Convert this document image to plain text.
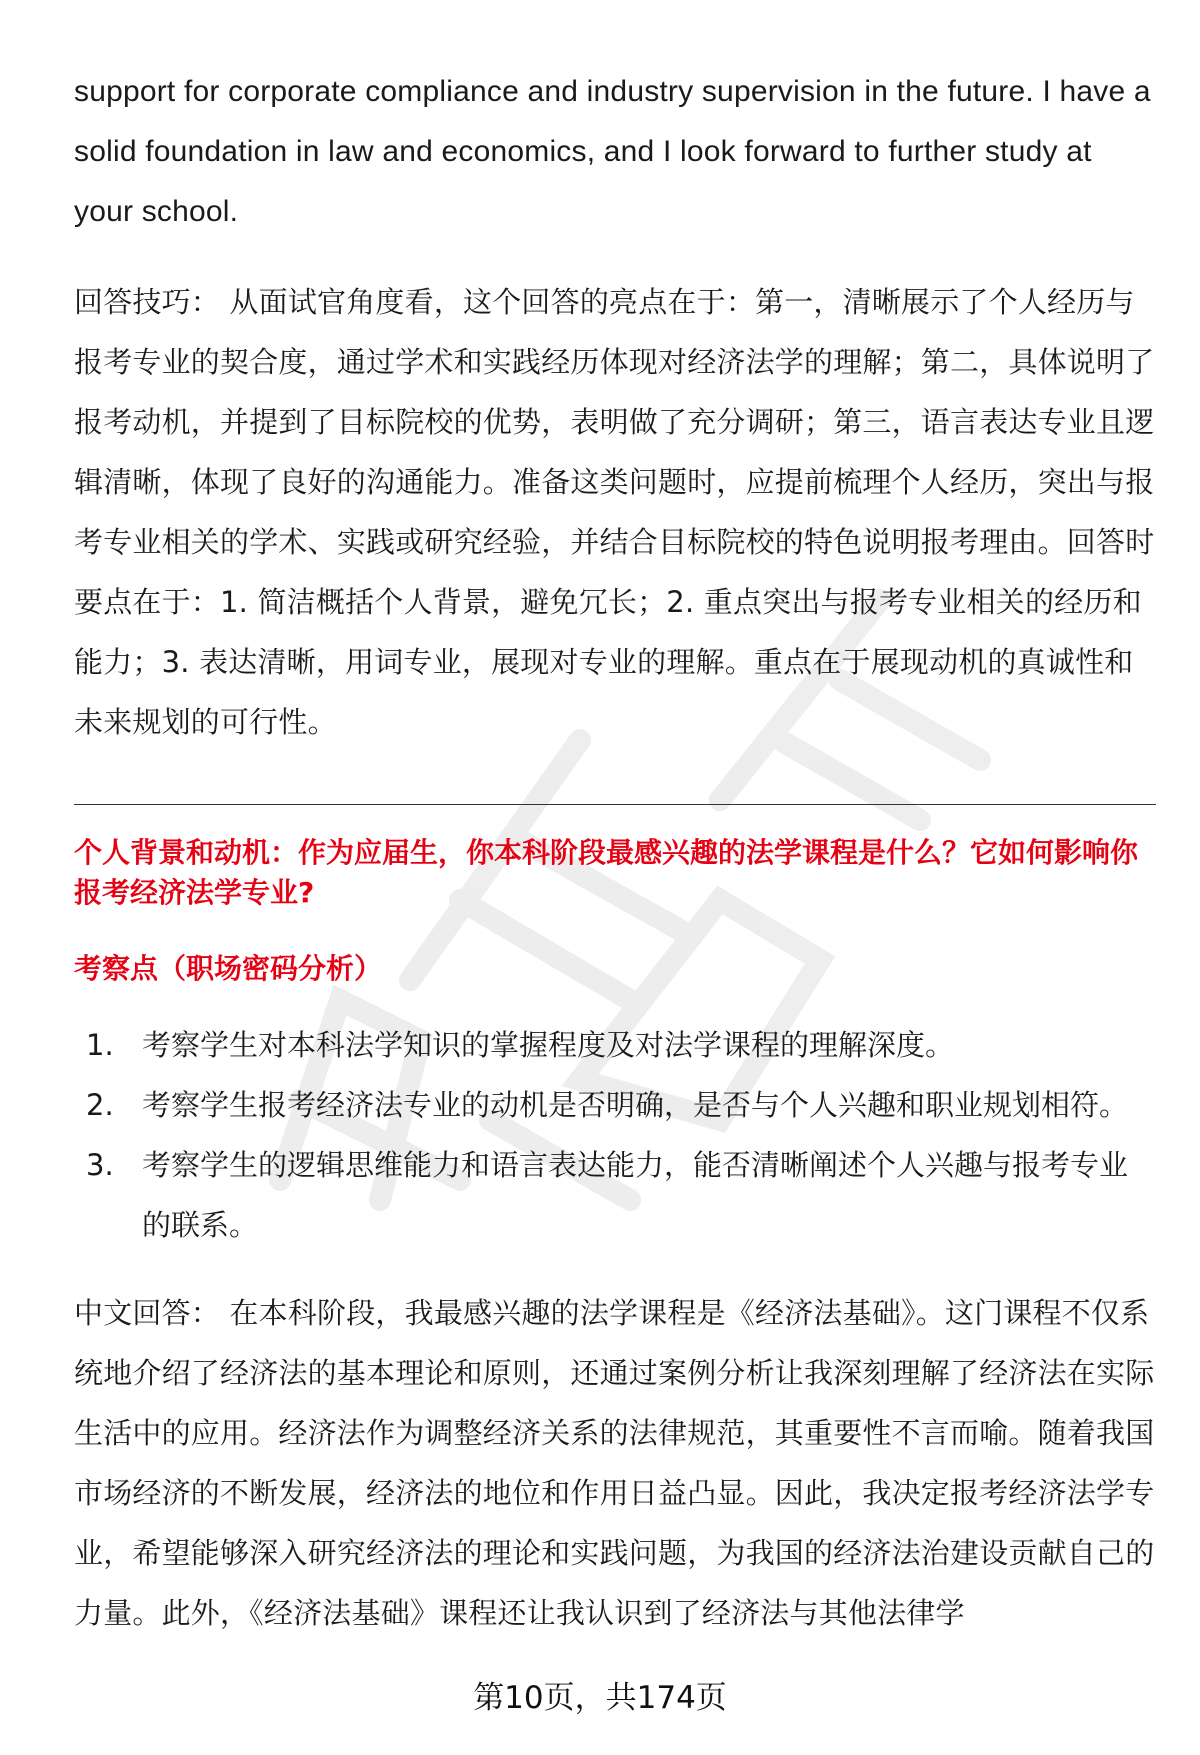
support for corporate compliance and industry supervision in the future. I have a solid foundation in law and economics, and I look forward to further study at your school.

回答技巧： 从面试官角度看，这个回答的亮点在于：第一，清晰展示了个人经历与报考专业的契合度，通过学术和实践经历体现对经济法学的理解；第二，具体说明了报考动机，并提到了目标院校的优势，表明做了充分调研；第三，语言表达专业且逻辑清晰，体现了良好的沟通能力。准备这类问题时，应提前梳理个人经历，突出与报考专业相关的学术、实践或研究经验，并结合目标院校的特色说明报考理由。回答时要点在于：1. 简洁概括个人背景，避免冗长；2. 重点突出与报考专业相关的经历和能力；3. 表达清晰，用词专业，展现对专业的理解。重点在于展现动机的真诚性和未来规划的可行性。

个人背景和动机：作为应届生，你本科阶段最感兴趣的法学课程是什么？它如何影响你报考经济法学专业?

考察点（职场密码分析）

1. 考察学生对本科法学知识的掌握程度及对法学课程的理解深度。
2. 考察学生报考经济法专业的动机是否明确，是否与个人兴趣和职业规划相符。
3. 考察学生的逻辑思维能力和语言表达能力，能否清晰阐述个人兴趣与报考专业的联系。

中文回答： 在本科阶段，我最感兴趣的法学课程是《经济法基础》。这门课程不仅系统地介绍了经济法的基本理论和原则，还通过案例分析让我深刻理解了经济法在实际生活中的应用。经济法作为调整经济关系的法律规范，其重要性不言而喻。随着我国市场经济的不断发展，经济法的地位和作用日益凸显。因此，我决定报考经济法学专业，希望能够深入研究经济法的理论和实践问题，为我国的经济法治建设贡献自己的力量。此外，《经济法基础》课程还让我认识到了经济法与其他法律学

第10页，共174页
